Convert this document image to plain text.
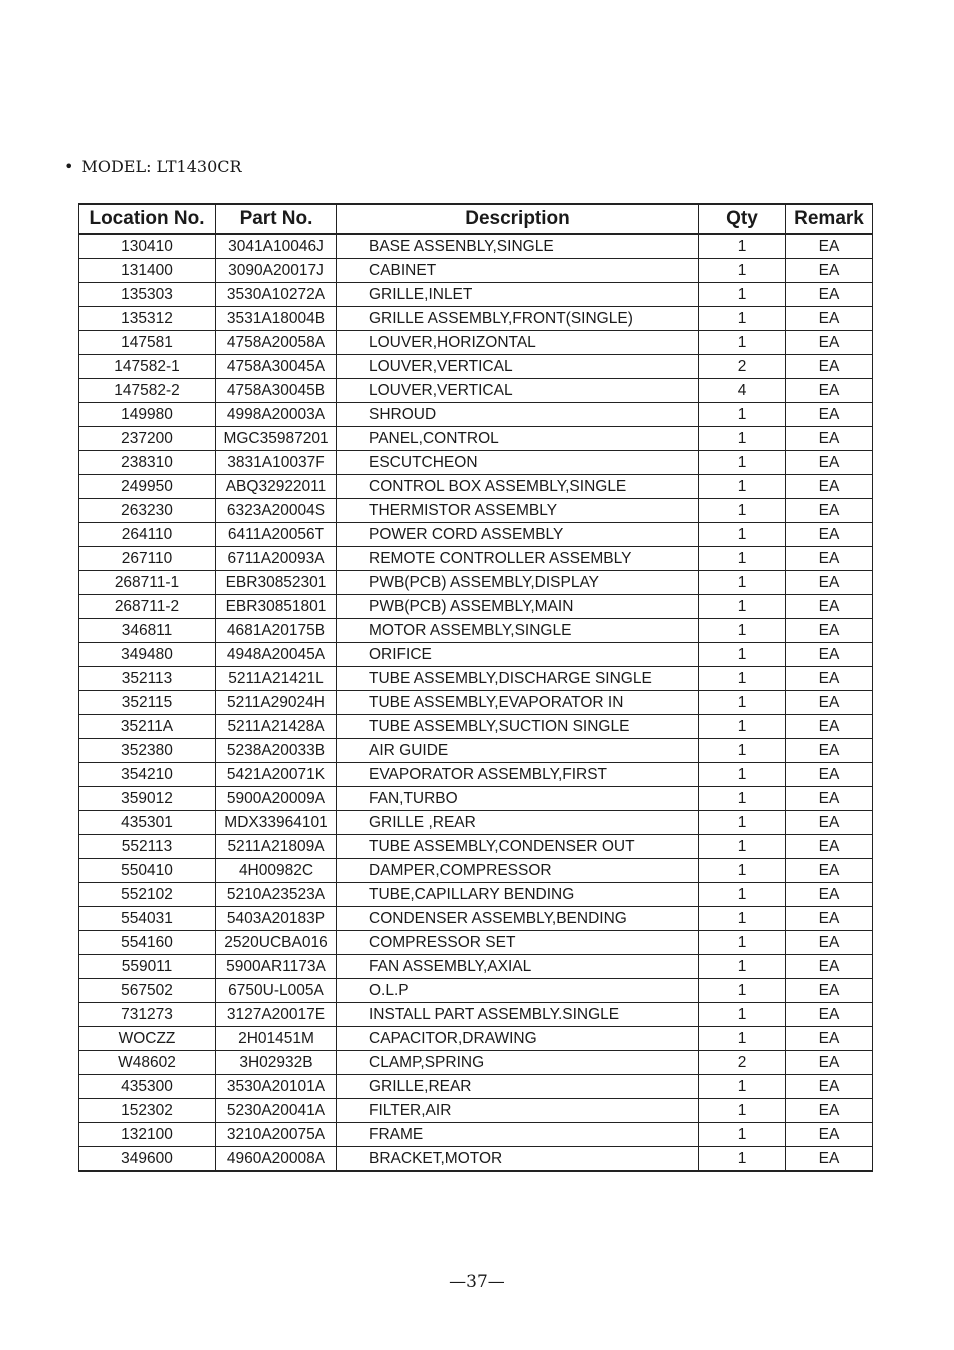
• MODEL: LT1430CR
Location No.	Part No.	Description	Qty	Remark
130410	3041A10046J	BASE ASSENBLY,SINGLE	1	EA
131400	3090A20017J	CABINET	1	EA
135303	3530A10272A	GRILLE,INLET	1	EA
135312	3531A18004B	GRILLE ASSEMBLY,FRONT(SINGLE)	1	EA
147581	4758A20058A	LOUVER,HORIZONTAL	1	EA
147582-1	4758A30045A	LOUVER,VERTICAL	2	EA
147582-2	4758A30045B	LOUVER,VERTICAL	4	EA
149980	4998A20003A	SHROUD	1	EA
237200	MGC35987201	PANEL,CONTROL	1	EA
238310	3831A10037F	ESCUTCHEON	1	EA
249950	ABQ32922011	CONTROL BOX ASSEMBLY,SINGLE	1	EA
263230	6323A20004S	THERMISTOR ASSEMBLY	1	EA
264110	6411A20056T	POWER CORD ASSEMBLY	1	EA
267110	6711A20093A	REMOTE CONTROLLER ASSEMBLY	1	EA
268711-1	EBR30852301	PWB(PCB) ASSEMBLY,DISPLAY	1	EA
268711-2	EBR30851801	PWB(PCB) ASSEMBLY,MAIN	1	EA
346811	4681A20175B	MOTOR ASSEMBLY,SINGLE	1	EA
349480	4948A20045A	ORIFICE	1	EA
352113	5211A21421L	TUBE ASSEMBLY,DISCHARGE SINGLE	1	EA
352115	5211A29024H	TUBE ASSEMBLY,EVAPORATOR IN	1	EA
35211A	5211A21428A	TUBE ASSEMBLY,SUCTION SINGLE	1	EA
352380	5238A20033B	AIR GUIDE	1	EA
354210	5421A20071K	EVAPORATOR ASSEMBLY,FIRST	1	EA
359012	5900A20009A	FAN,TURBO	1	EA
435301	MDX33964101	GRILLE ,REAR	1	EA
552113	5211A21809A	TUBE ASSEMBLY,CONDENSER OUT	1	EA
550410	4H00982C	DAMPER,COMPRESSOR	1	EA
552102	5210A23523A	TUBE,CAPILLARY BENDING	1	EA
554031	5403A20183P	CONDENSER ASSEMBLY,BENDING	1	EA
554160	2520UCBA016	COMPRESSOR SET	1	EA
559011	5900AR1173A	FAN ASSEMBLY,AXIAL	1	EA
567502	6750U-L005A	O.L.P	1	EA
731273	3127A20017E	INSTALL PART ASSEMBLY.SINGLE	1	EA
WOCZZ	2H01451M	CAPACITOR,DRAWING	1	EA
W48602	3H02932B	CLAMP,SPRING	2	EA
435300	3530A20101A	GRILLE,REAR	1	EA
152302	5230A20041A	FILTER,AIR	1	EA
132100	3210A20075A	FRAME	1	EA
349600	4960A20008A	BRACKET,MOTOR	1	EA
—37—
